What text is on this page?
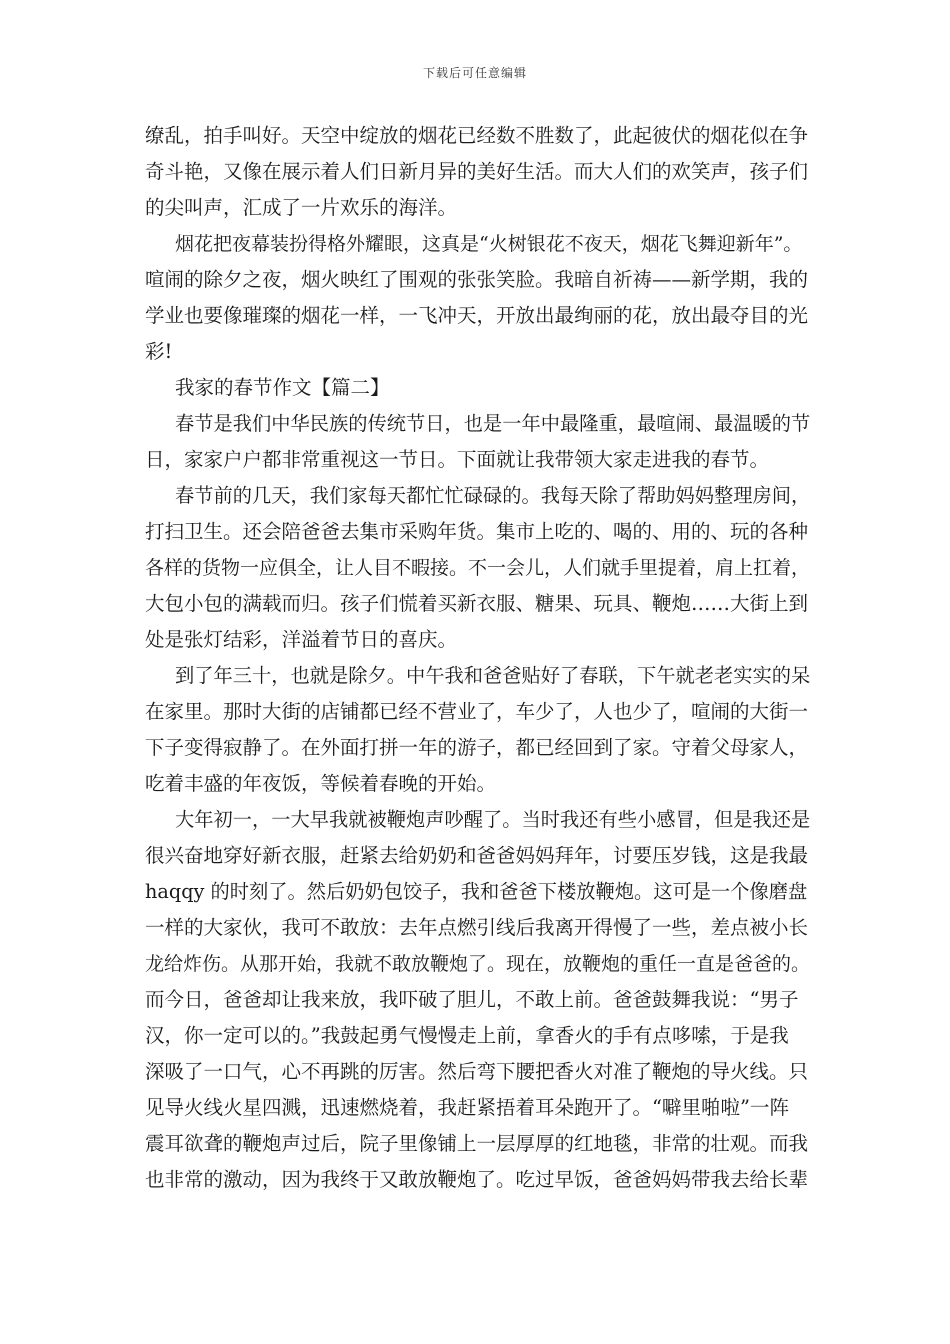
下载后可任意编辑
缭乱，拍手叫好。天空中绽放的烟花已经数不胜数了，此起彼伏的烟花似在争
奇斗艳，又像在展示着人们日新月异的美好生活。而大人们的欢笑声，孩子们
的尖叫声，汇成了一片欢乐的海洋。
烟花把夜幕装扮得格外耀眼，这真是“火树银花不夜天，烟花飞舞迎新年”。
喧闹的除夕之夜，烟火映红了围观的张张笑脸。我暗自祈祷——新学期，我的
学业也要像璀璨的烟花一样，一飞冲天，开放出最绚丽的花，放出最夺目的光
彩!
我家的春节作文【篇二】
春节是我们中华民族的传统节日，也是一年中最隆重，最喧闹、最温暖的节
日，家家户户都非常重视这一节日。下面就让我带领大家走进我的春节。
春节前的几天，我们家每天都忙忙碌碌的。我每天除了帮助妈妈整理房间，
打扫卫生。还会陪爸爸去集市采购年货。集市上吃的、喝的、用的、玩的各种
各样的货物一应俱全，让人目不暇接。不一会儿，人们就手里提着，肩上扛着，
大包小包的满载而归。孩子们慌着买新衣服、糖果、玩具、鞭炮……大街上到
处是张灯结彩，洋溢着节日的喜庆。
到了年三十，也就是除夕。中午我和爸爸贴好了春联，下午就老老实实的呆
在家里。那时大街的店铺都已经不营业了，车少了，人也少了，喧闹的大街一
下子变得寂静了。在外面打拼一年的游子，都已经回到了家。守着父母家人，
吃着丰盛的年夜饭，等候着春晚的开始。
大年初一，一大早我就被鞭炮声吵醒了。当时我还有些小感冒，但是我还是
很兴奋地穿好新衣服，赶紧去给奶奶和爸爸妈妈拜年，讨要压岁钱，这是我最
haqqy 的时刻了。然后奶奶包饺子，我和爸爸下楼放鞭炮。这可是一个像磨盘
一样的大家伙，我可不敢放：去年点燃引线后我离开得慢了一些，差点被小长
龙给炸伤。从那开始，我就不敢放鞭炮了。现在，放鞭炮的重任一直是爸爸的。
而今日，爸爸却让我来放，我吓破了胆儿，不敢上前。爸爸鼓舞我说：“男子
汉，你一定可以的。”我鼓起勇气慢慢走上前，拿香火的手有点哆嗦，于是我
深吸了一口气，心不再跳的厉害。然后弯下腰把香火对准了鞭炮的导火线。只
见导火线火星四溅，迅速燃烧着，我赶紧捂着耳朵跑开了。“噼里啪啦”一阵
震耳欲聋的鞭炮声过后，院子里像铺上一层厚厚的红地毯，非常的壮观。而我
也非常的激动，因为我终于又敢放鞭炮了。吃过早饭，爸爸妈妈带我去给长辈
